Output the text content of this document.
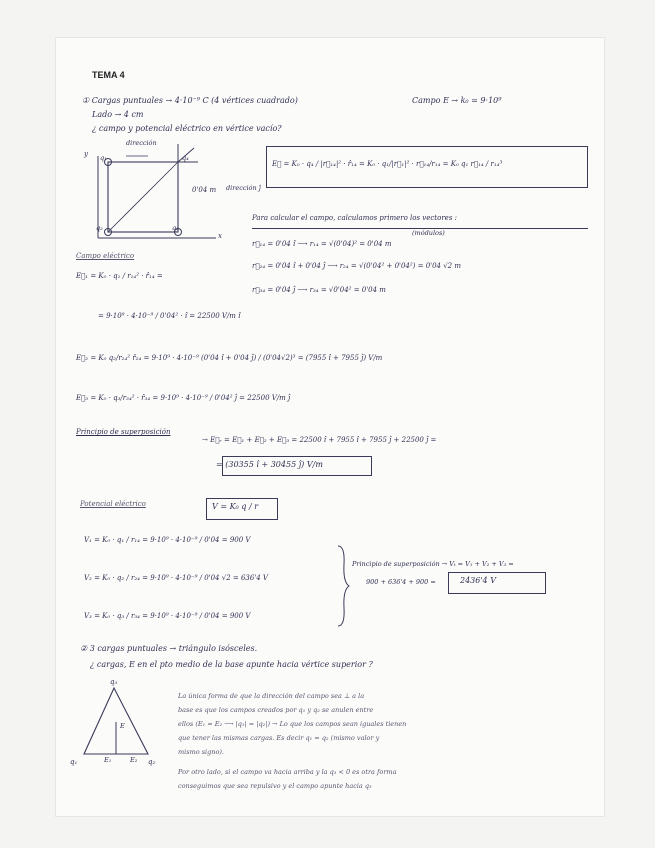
TEMA 4
① Cargas puntuales → 4·10⁻⁹ C (4 vértices cuadrado)	Campo E → k₀ = 9·10⁹
Lado → 4 cm
¿ campo y potencial eléctrico en vértice vacío?
y
x
dirección
q₁
q₂	q₃
q₄
0'04 m dirección ĵ
E⃗ = K₀ · q₄ / |r⃗₁₄|² · r̂₁₄ = K₀ · q₁/|r⃗₁|² · r⃗₁₄/r₁₄ = K₀ q₁ r⃗₁₄ / r₁₄³
Para calcular el campo, calculamos primero los vectores :
(módulos)
r⃗₁₄ = 0'04 î ⟶ r₁₄ = √(0'04)² = 0'04 m
r⃗₂₄ = 0'04 î + 0'04 ĵ ⟶ r₂₄ = √(0'04² + 0'04²) = 0'04 √2 m
r⃗₃₄ = 0'04 ĵ ⟶ r₃₄ = √0'04² = 0'04 m
Campo eléctrico
E⃗₁ = K₀ · q₁ / r₁₄² · r̂₁₄ =
= 9·10⁹ · 4·10⁻⁹ / 0'04² · î = 22500 V/m î
E⃗₂ = K₀ q₂/r₂₄² r̂₂₄ = 9·10⁹ · 4·10⁻⁹ (0'04 î + 0'04 ĵ) / (0'04√2)³ = (7955 î + 7955 ĵ) V/m
E⃗₃ = K₀ · q₃/r₃₄² · r̂₃₄ = 9·10⁹ · 4·10⁻⁹ / 0'04² ĵ = 22500 V/m ĵ
Principio de superposición
→ E⃗ᵣ = E⃗₁ + E⃗₂ + E⃗₃ = 22500 î + 7955 î + 7955 ĵ + 22500 ĵ =
= (30355 î + 30455 ĵ) V/m
Potencial eléctrico	V = K₀ q / r
V₁ = K₀ · q₁ / r₁₄ = 9·10⁹ · 4·10⁻⁹ / 0'04 = 900 V
V₂ = K₀ · q₂ / r₂₄ = 9·10⁹ · 4·10⁻⁹ / 0'04 √2 = 636'4 V
V₃ = K₀ · q₃ / r₃₄ = 9·10⁹ · 4·10⁻⁹ / 0'04 = 900 V
Principio de superposición → Vₜ = V₁ + V₂ + V₃ =
900 + 636'4 + 900 =	2436'4 V
② 3 cargas puntuales → triángulo isósceles.
¿ cargas, E en el pto medio de la base apunte hacia vértice superior ?
q₃
q₁	q₂
E
E₁	E₂
La única forma de que la dirección del campo sea ⊥ a la
base es que los campos creados por q₁ y q₂ se anulen entre
ellos (E₁ = E₂ ⟶ |q₁| = |q₂|) → Lo que los campos sean iguales tienen
que tener las mismas cargas. Es decir q₁ = q₂ (mismo valor y
mismo signo).
Por otro lado, si el campo va hacia arriba y la q₃ < 0 es otra forma
conseguimos que sea repulsivo y el campo apunte hacia q₃
